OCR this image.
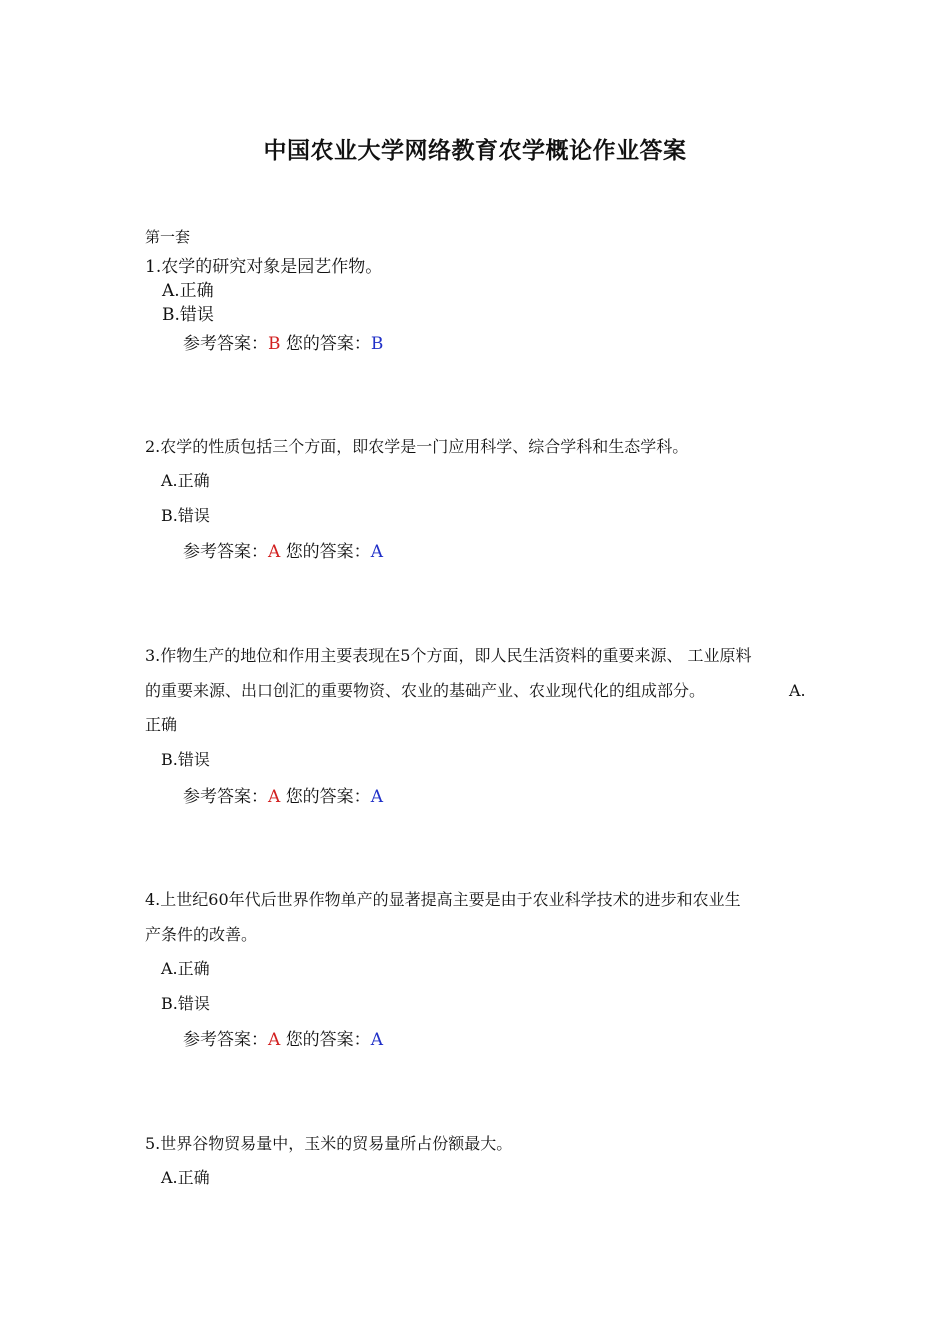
中国农业大学网络教育农学概论作业答案
第一套
1.农学的研究对象是园艺作物。
A.正确
B.错误
参考答案：B 您的答案：B
2.农学的性质包括三个方面，即农学是一门应用科学、综合学科和生态学科。
A.正确
B.错误
参考答案：A 您的答案：A
3.作物生产的地位和作用主要表现在5个方面，即人民生活资料的重要来源、 工业原料
的重要来源、出口创汇的重要物资、农业的基础产业、农业现代化的组成部分。	A.
正确
B.错误
参考答案：A 您的答案：A
4.上世纪60年代后世界作物单产的显著提高主要是由于农业科学技术的进步和农业生
产条件的改善。
A.正确
B.错误
参考答案：A 您的答案：A
5.世界谷物贸易量中，玉米的贸易量所占份额最大。
A.正确
